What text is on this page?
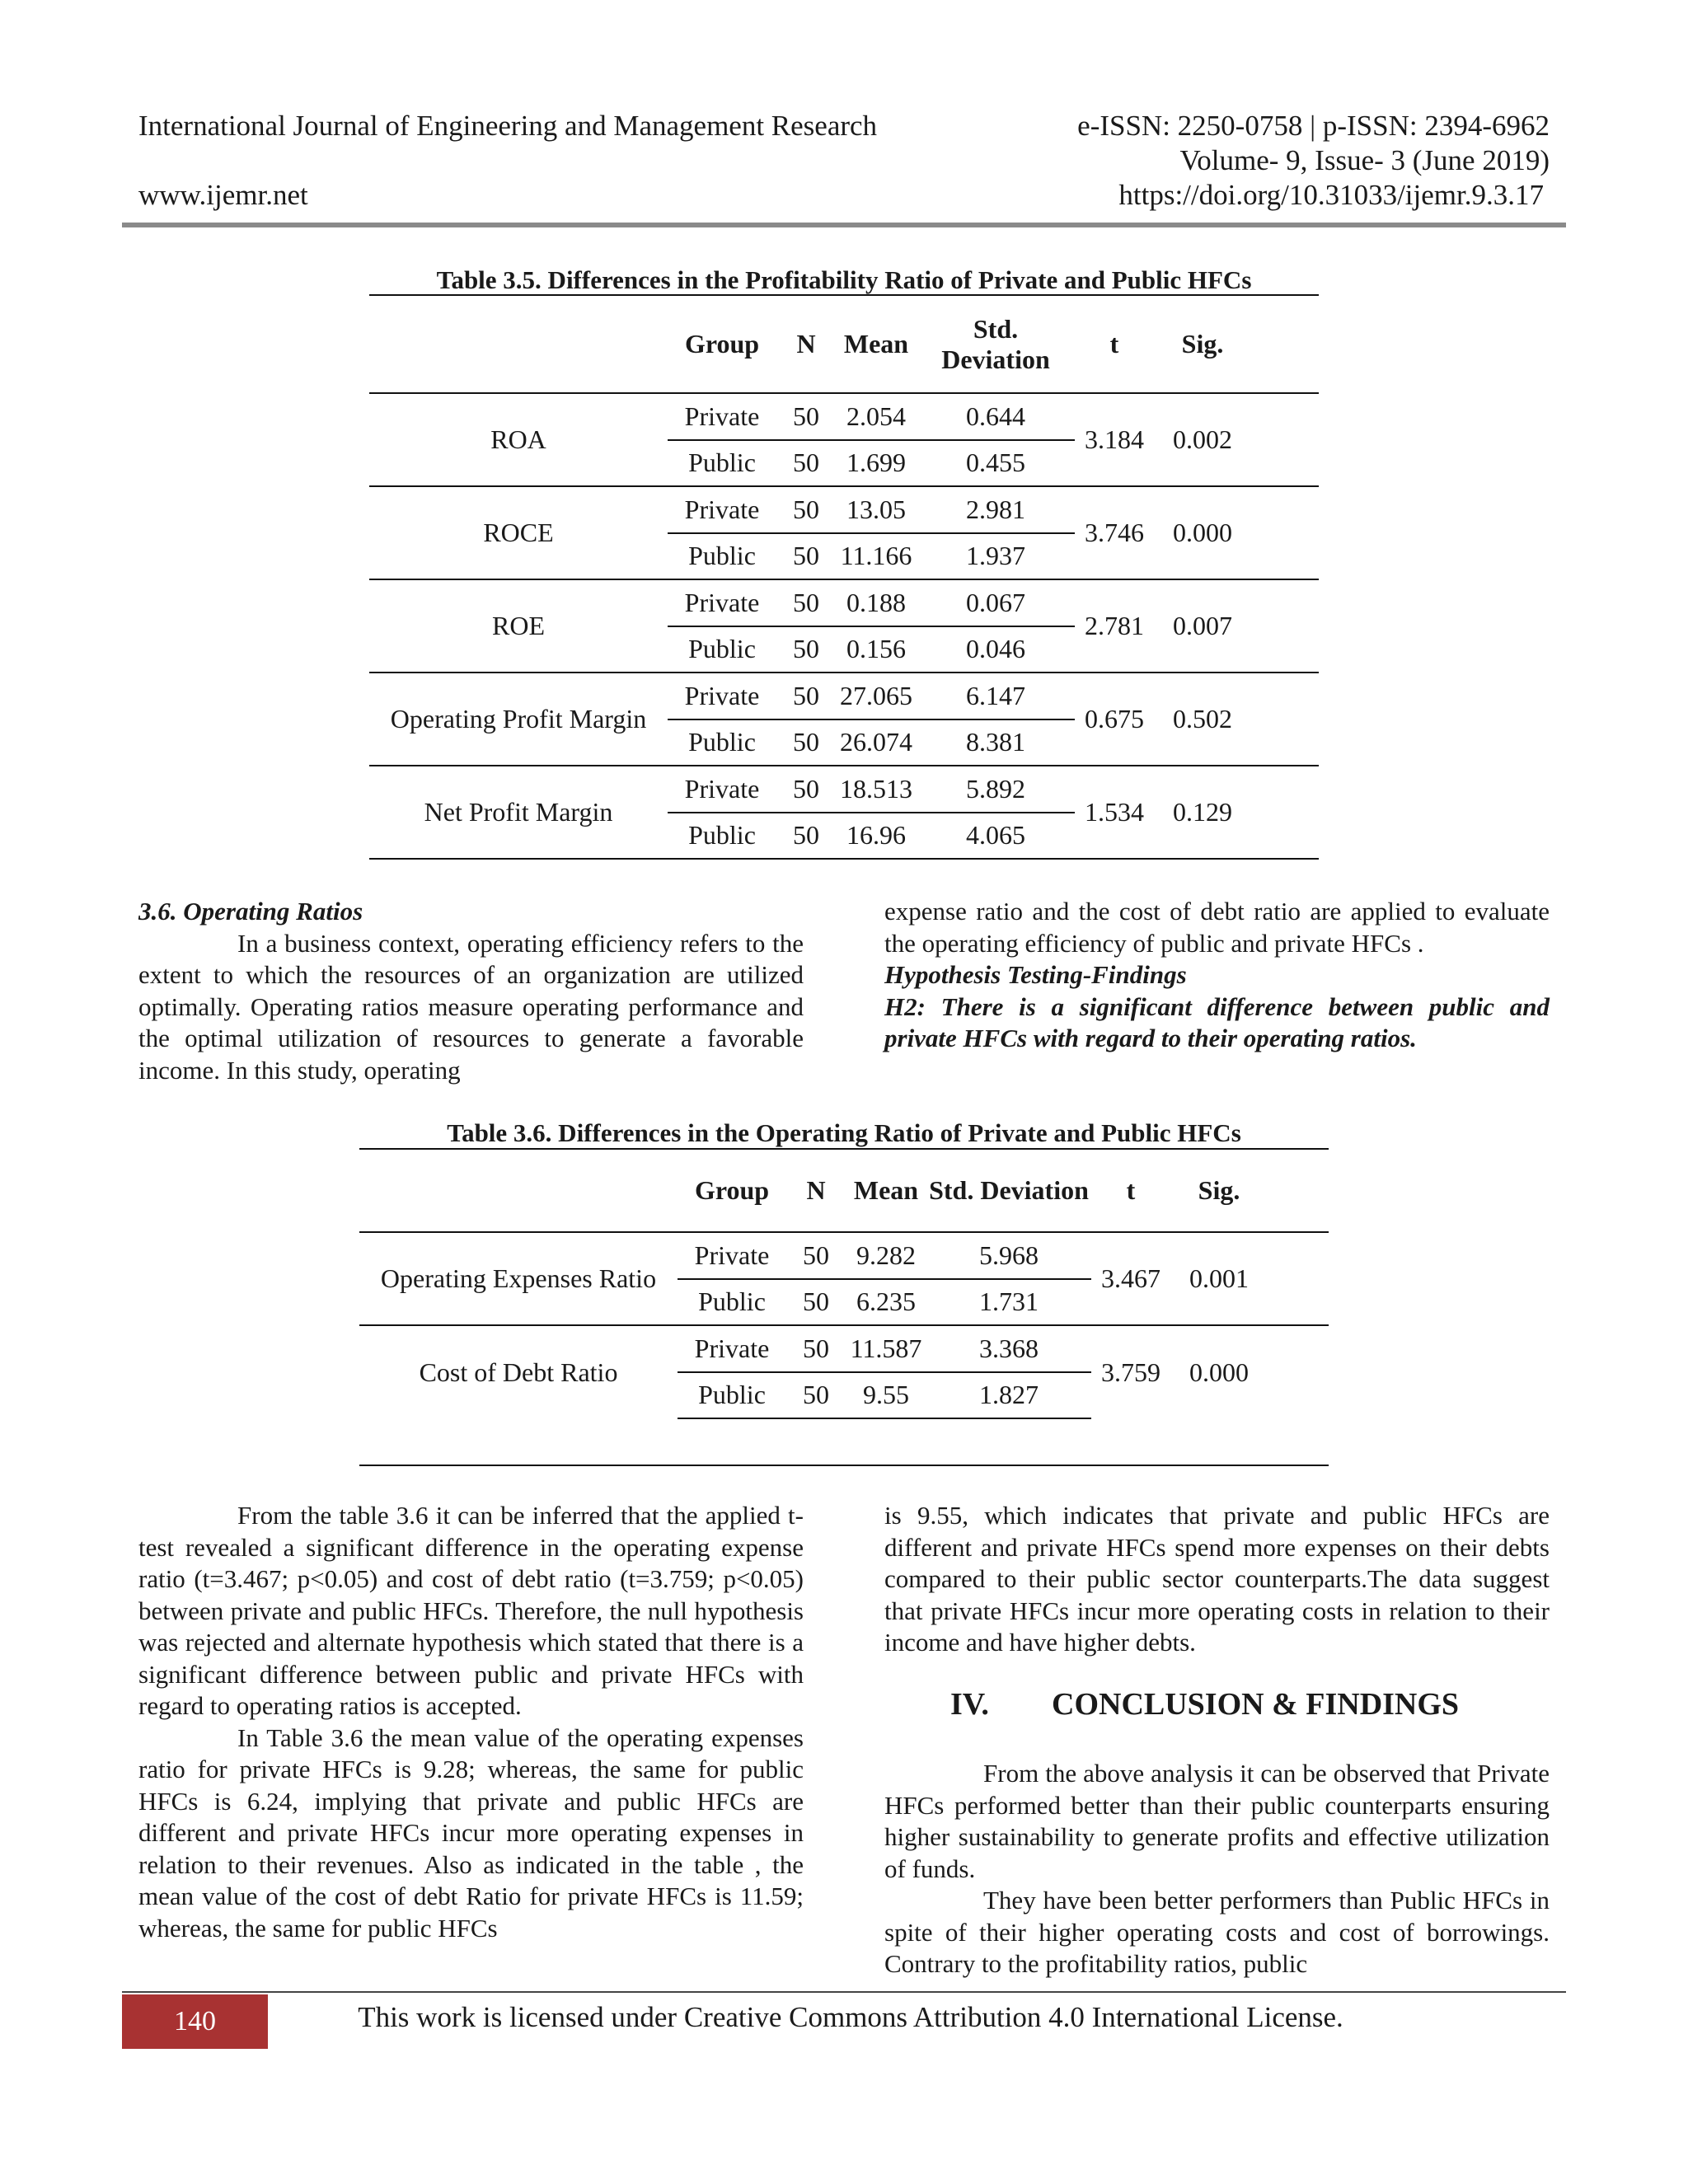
International Journal of Engineering and Management Research	e-ISSN: 2250-0758 | p-ISSN: 2394-6962
Volume- 9, Issue- 3 (June 2019)
www.ijemr.net	https://doi.org/10.31033/ijemr.9.3.17
Table 3.5. Differences in the Profitability Ratio of Private and Public HFCs
	Group	N	Mean	Std. Deviation	t	Sig.	
ROA	Private	50	2.054	0.644	3.184	0.002	
	Public	50	1.699	0.455			
ROCE	Private	50	13.05	2.981	3.746	0.000	
	Public	50	11.166	1.937			
ROE	Private	50	0.188	0.067	2.781	0.007	
	Public	50	0.156	0.046			
Operating Profit Margin	Private	50	27.065	6.147	0.675	0.502	
	Public	50	26.074	8.381			
Net Profit Margin	Private	50	18.513	5.892	1.534	0.129	
	Public	50	16.96	4.065			

3.6. Operating Ratios

In a business context, operating efficiency refers to the extent to which the resources of an organization are utilized optimally. Operating ratios measure operating performance and the optimal utilization of resources to generate a favorable income. In this study, operating

expense ratio and the cost of debt ratio are applied to evaluate the operating efficiency of public and private HFCs .

Hypothesis Testing-Findings

H2: There is a significant difference between public and private HFCs with regard to their operating ratios.

Table 3.6. Differences in the Operating Ratio of Private and Public HFCs
	Group	N	Mean	Std. Deviation	t	Sig.	
Operating Expenses Ratio	Private	50	9.282	5.968	3.467	0.001	
	Public	50	6.235	1.731			
Cost of Debt Ratio	Private	50	11.587	3.368	3.759	0.000	
	Public	50	9.55	1.827			

From the table 3.6 it can be inferred that the applied t-test revealed a significant difference in the operating expense ratio (t=3.467; p<0.05) and cost of debt ratio (t=3.759; p<0.05) between private and public HFCs. Therefore, the null hypothesis was rejected and alternate hypothesis which stated that there is a significant difference between public and private HFCs with regard to operating ratios is accepted.

In Table 3.6 the mean value of the operating expenses ratio for private HFCs is 9.28; whereas, the same for public HFCs is 6.24, implying that private and public HFCs are different and private HFCs incur more operating expenses in relation to their revenues. Also as indicated in the table , the mean value of the cost of debt Ratio for private HFCs is 11.59; whereas, the same for public HFCs

is 9.55, which indicates that private and public HFCs are different and private HFCs spend more expenses on their debts compared to their public sector counterparts.The data suggest that private HFCs incur more operating costs in relation to their income and have higher debts.

IV. CONCLUSION & FINDINGS

From the above analysis it can be observed that Private HFCs performed better than their public counterparts ensuring higher sustainability to generate profits and effective utilization of funds.

They have been better performers than Public HFCs in spite of their higher operating costs and cost of borrowings. Contrary to the profitability ratios, public

140	This work is licensed under Creative Commons Attribution 4.0 International License.
